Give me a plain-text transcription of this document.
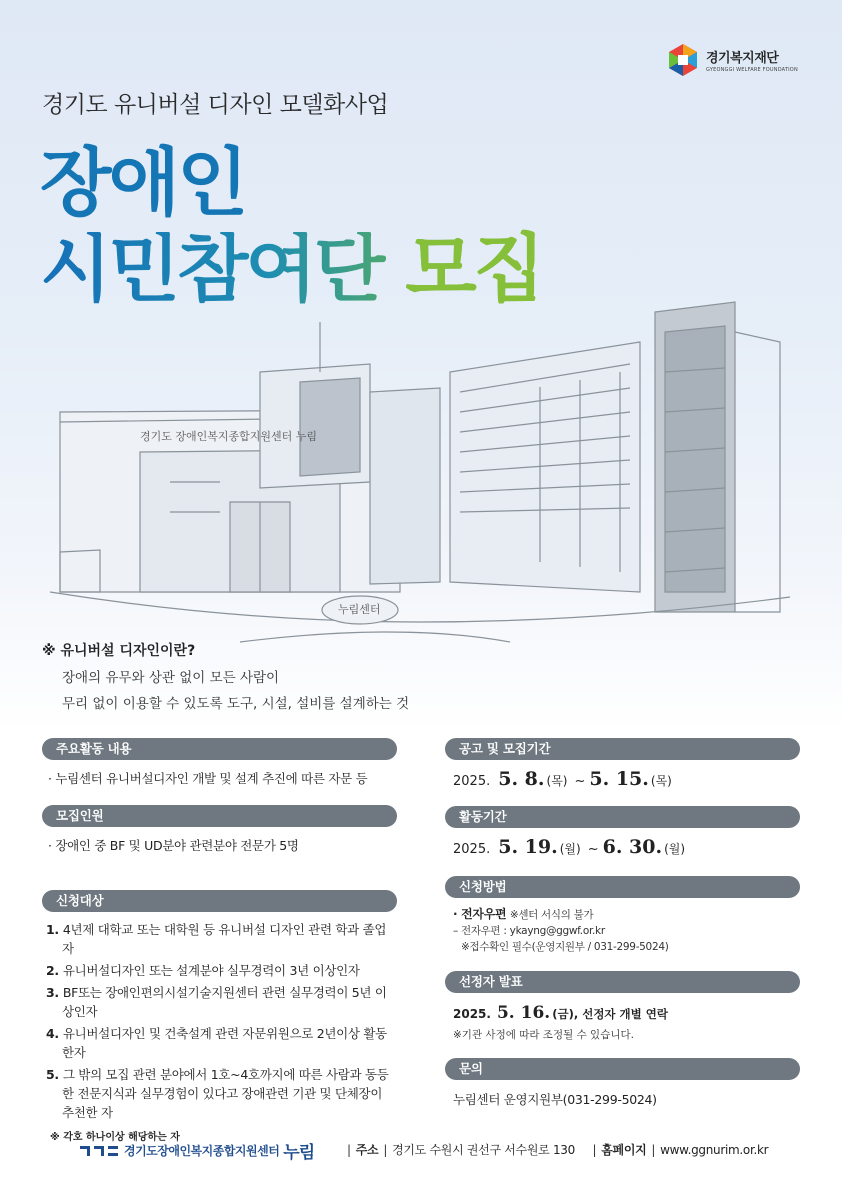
경기복지재단
GYEONGGI WELFARE FOUNDATION
경기도 유니버설 디자인 모델화사업
장애인
시민참여단 모집
경기도 장애인복지종합지원센터 누림
누림센터
※ 유니버설 디자인이란?
장애의 유무와 상관 없이 모든 사람이
무리 없이 이용할 수 있도록 도구, 시설, 설비를 설계하는 것
주요활동 내용
· 누림센터 유니버설디자인 개발 및 설계 추진에 따른 자문 등
모집인원
· 장애인 중 BF 및 UD분야 관련분야 전문가 5명
신청대상
1. 4년제 대학교 또는 대학원 등 유니버설 디자인 관련 학과 졸업자
2. 유니버설디자인 또는 설계분야 실무경력이 3년 이상인자
3. BF또는 장애인편의시설기술지원센터 관련 실무경력이 5년 이상인자
4. 유니버설디자인 및 건축설계 관련 자문위원으로 2년이상 활동한자
5. 그 밖의 모집 관련 분야에서 1호~4호까지에 따른 사람과 동등한 전문지식과 실무경험이 있다고 장애관련 기관 및 단체장이 추천한 자
※ 각호 하나이상 해당하는 자
공고 및 모집기간
2025. 5. 8. (목) ~ 5. 15. (목)
활동기간
2025. 5. 19. (월) ~ 6. 30. (월)
신청방법
· 전자우편 ※센터 서식의 불가
– 전자우편 : ykayng@ggwf.or.kr
※접수확인 필수(운영지원부 / 031-299-5024)
선정자 발표
2025. 5. 16. (금), 선정자 개별 연락
※기관 사정에 따라 조정될 수 있습니다.
문의
누림센터 운영지원부(031-299-5024)
경기도장애인복지종합지원센터 누림	| 주소 | 경기도 수원시 권선구 서수원로 130 | 홈페이지 | www.ggnurim.or.kr
